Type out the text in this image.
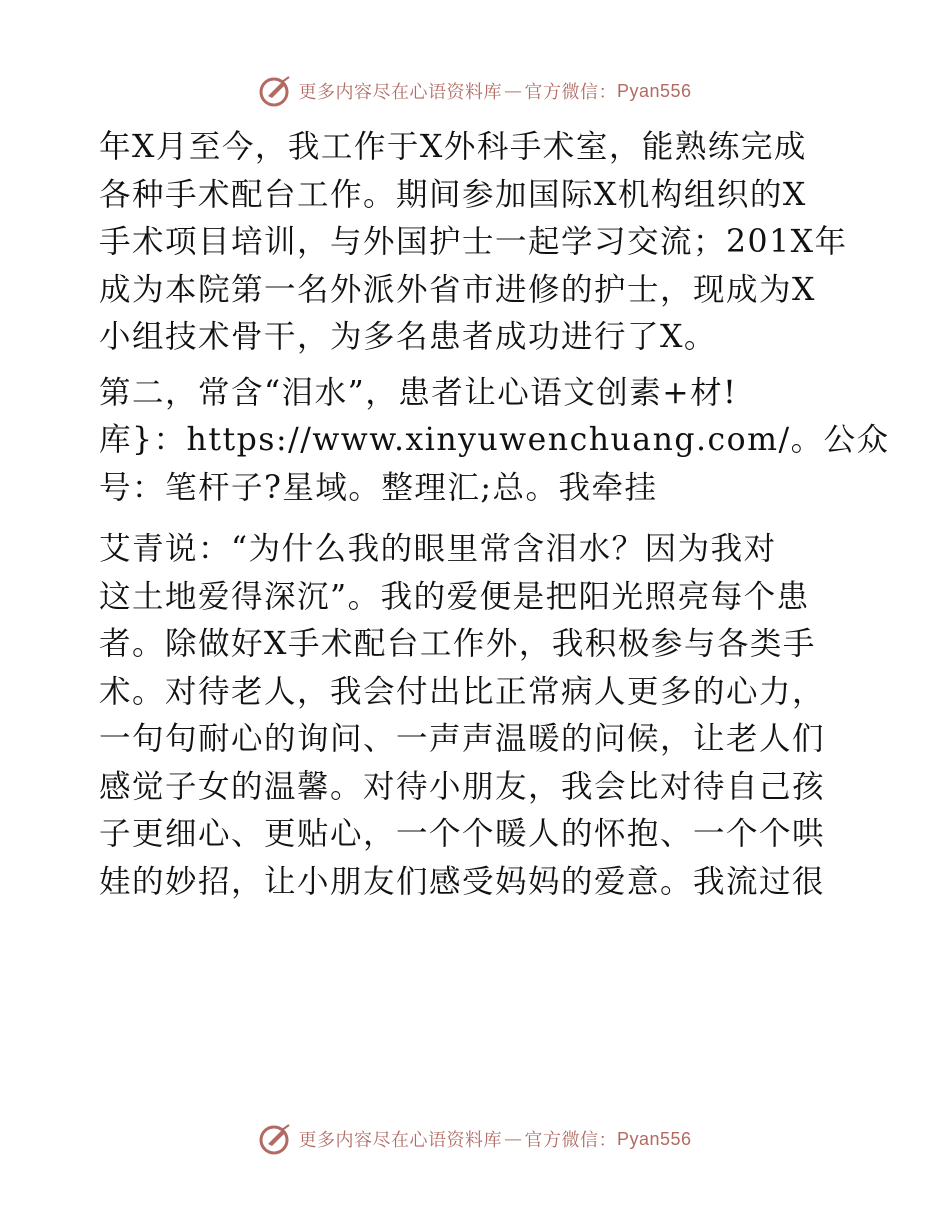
更多内容尽在心语资料库 — 官方微信： Pyan556

年X月至今，我工作于X外科手术室，能熟练完成
各种手术配台工作。期间参加国际X机构组织的X
手术项目培训，与外国护士一起学习交流；201X年
成为本院第一名外派外省市进修的护士，现成为X
小组技术骨干，为多名患者成功进行了X。

第二，常含“泪水”，患者让心语文创素+材!
库}：https://www.xinyuwenchuang.com/。公众
号：笔杆子?星域。整理汇;总。我牵挂

艾青说：“为什么我的眼里常含泪水？因为我对
这土地爱得深沉”。我的爱便是把阳光照亮每个患
者。除做好X手术配台工作外，我积极参与各类手
术。对待老人，我会付出比正常病人更多的心力，
一句句耐心的询问、一声声温暖的问候，让老人们
感觉子女的温馨。对待小朋友，我会比对待自己孩
子更细心、更贴心，一个个暖人的怀抱、一个个哄
娃的妙招，让小朋友们感受妈妈的爱意。我流过很

更多内容尽在心语资料库 — 官方微信： Pyan556
